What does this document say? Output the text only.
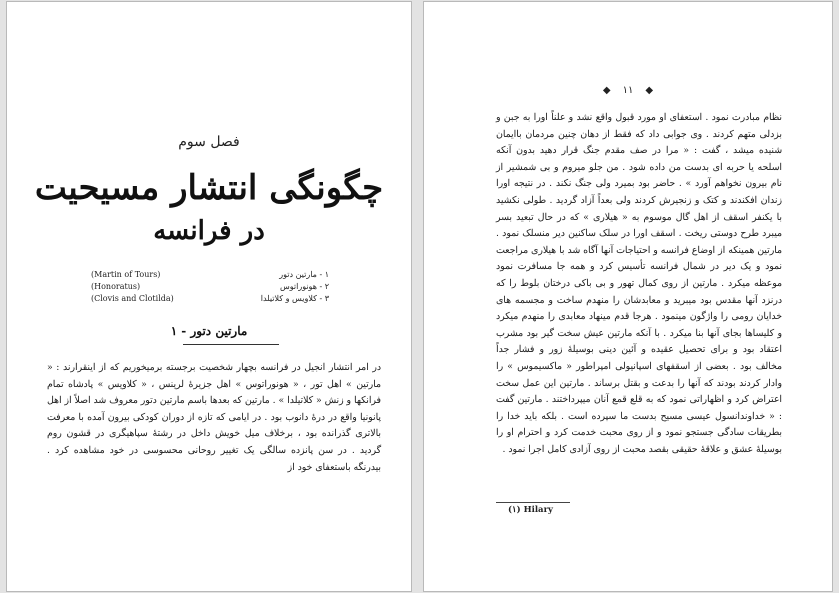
فصل سوم
چگونگی انتشار مسیحیت
در فرانسه
(Martin of Tours)	۱ - مارتین دتور
(Honoratus)	۲ - هونوراتوس
(Clovis and Clotilda)	۳ - کلاویس و کلاتیلدا
۱ - مارتین دتور
در امر انتشار انجیل در فرانسه بچهار شخصیت برجسته برمیخوریم که از اینقرارند : « مارتین » اهل تور ، « هونوراتوس » اهل جزیرهٔ لرینس ، « کلاویس » پادشاه تمام فرانکها و زنش « کلاتیلدا » . مارتین که بعدها باسم مارتین دتور معروف شد اصلاً از اهل پانونیا واقع در درهٔ دانوب بود . در ایامی که تازه از دوران کودکی بیرون آمده با معرفت بالاتری گذرانده بود ، برخلاف میل خویش داخل در رشتهٔ سپاهیگری در قشون روم گردید . در سن پانزده سالگی یک تغییر روحانی محسوسی در خود مشاهده کرد . بیدرنگه باستعفای خود از
◆ ۱۱ ◆
نظام مبادرت نمود . استعفای او مورد قبول واقع نشد و علناً اورا به جبن و بزدلی متهم کردند . وی جوابی داد که فقط از دهان چنین مردمان باایمان شنیده میشد ، گفت : « مرا در صف مقدم جنگ قرار دهید بدون آنکه اسلحه یا حربه ای بدست من داده شود . من جلو میروم و بی شمشیر از نام بیرون نخواهم آورد » . حاضر بود بمیرد ولی جنگ نکند . در نتیجه اورا زندان افکندند و کتک و زنجیرش کردند ولی بعداً آزاد گردید . طولی نکشید با یکنفر اسقف از اهل گال موسوم به « هیلاری » که در حال تبعید بسر میبرد طرح دوستی ریخت . اسقف اورا در سلک ساکنین دیر منسلک نمود . مارتین همینکه از اوضاع فرانسه و احتیاجات آنها آگاه شد با هیلاری مراجعت نمود و یک دیر در شمال فرانسه تأسیس کرد و همه جا مسافرت نمود موعظه میکرد . مارتین از روی کمال تهور و بی باکی درختان بلوط را که درنزد آنها مقدس بود میبرید و معابدشان را منهدم ساخت و مجسمه های خدایان رومی را واژگون مینمود . هرجا قدم مینهاد معابدی را منهدم میکرد و کلیساها بجای آنها بنا میکرد . با آنکه مارتین عیش سخت گیر بود مشرب اعتقاد بود و برای تحصیل عقیده و آئین دینی بوسیلهٔ زور و فشار جداً مخالف بود . بعضی از اسقفهای اسپانیولی امپراطور « ماکسیموس » را وادار کردند بودند که آنها را بدعت و بقتل برساند . مارتین این عمل سخت اعتراض کرد و اظهاراتی نمود که به قلع قمع آنان میپرداختند . مارتین گفت : « خداوندانسول عیسی مسیح بدست ما سپرده است . بلکه باید خدا را بطریقات سادگی جستجو نمود و از روی محبت خدمت کرد و احترام او را بوسیلهٔ عشق و علاقهٔ حقیقی بقصد محبت از روی آزادی کامل اجرا نمود .
(۱) Hilary
